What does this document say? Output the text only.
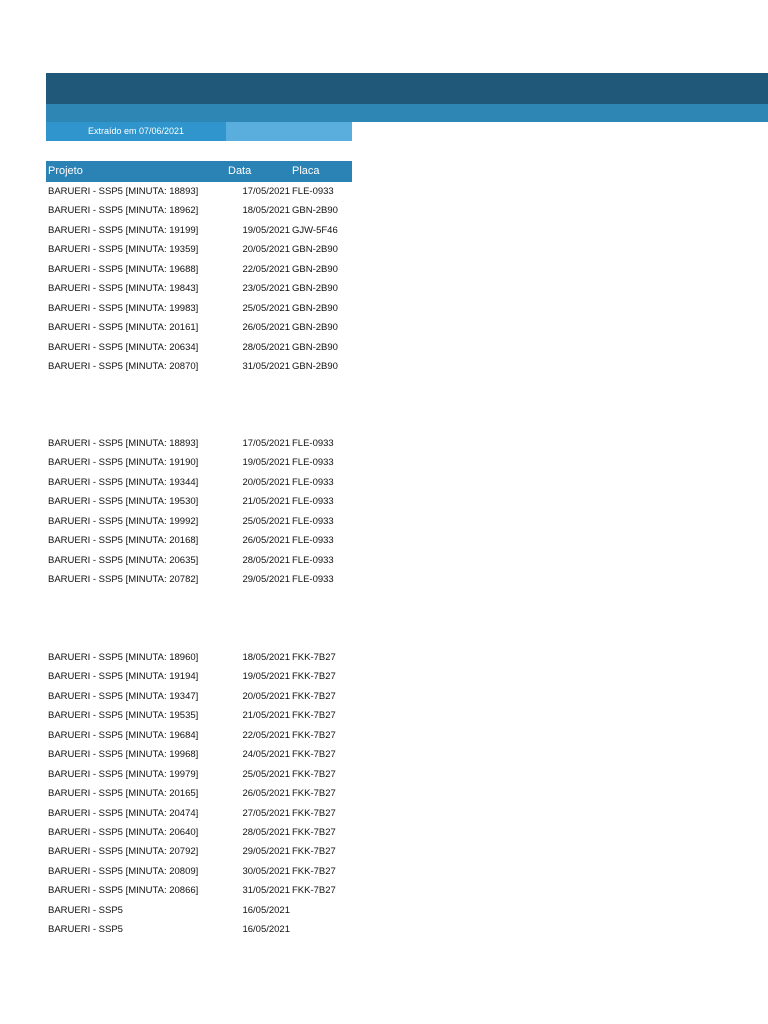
Extraído em 07/06/2021
Projeto	Data	Placa
BARUERI - SSP5 [MINUTA: 18893]	17/05/2021 FLE-0933
BARUERI - SSP5 [MINUTA: 18962]	18/05/2021 GBN-2B90
BARUERI - SSP5 [MINUTA: 19199]	19/05/2021 GJW-5F46
BARUERI - SSP5 [MINUTA: 19359]	20/05/2021 GBN-2B90
BARUERI - SSP5 [MINUTA: 19688]	22/05/2021 GBN-2B90
BARUERI - SSP5 [MINUTA: 19843]	23/05/2021 GBN-2B90
BARUERI - SSP5 [MINUTA: 19983]	25/05/2021 GBN-2B90
BARUERI - SSP5 [MINUTA: 20161]	26/05/2021 GBN-2B90
BARUERI - SSP5 [MINUTA: 20634]	28/05/2021 GBN-2B90
BARUERI - SSP5 [MINUTA: 20870]	31/05/2021 GBN-2B90
BARUERI - SSP5 [MINUTA: 18893]	17/05/2021 FLE-0933
BARUERI - SSP5 [MINUTA: 19190]	19/05/2021 FLE-0933
BARUERI - SSP5 [MINUTA: 19344]	20/05/2021 FLE-0933
BARUERI - SSP5 [MINUTA: 19530]	21/05/2021 FLE-0933
BARUERI - SSP5 [MINUTA: 19992]	25/05/2021 FLE-0933
BARUERI - SSP5 [MINUTA: 20168]	26/05/2021 FLE-0933
BARUERI - SSP5 [MINUTA: 20635]	28/05/2021 FLE-0933
BARUERI - SSP5 [MINUTA: 20782]	29/05/2021 FLE-0933
BARUERI - SSP5 [MINUTA: 18960]	18/05/2021 FKK-7B27
BARUERI - SSP5 [MINUTA: 19194]	19/05/2021 FKK-7B27
BARUERI - SSP5 [MINUTA: 19347]	20/05/2021 FKK-7B27
BARUERI - SSP5 [MINUTA: 19535]	21/05/2021 FKK-7B27
BARUERI - SSP5 [MINUTA: 19684]	22/05/2021 FKK-7B27
BARUERI - SSP5 [MINUTA: 19968]	24/05/2021 FKK-7B27
BARUERI - SSP5 [MINUTA: 19979]	25/05/2021 FKK-7B27
BARUERI - SSP5 [MINUTA: 20165]	26/05/2021 FKK-7B27
BARUERI - SSP5 [MINUTA: 20474]	27/05/2021 FKK-7B27
BARUERI - SSP5 [MINUTA: 20640]	28/05/2021 FKK-7B27
BARUERI - SSP5 [MINUTA: 20792]	29/05/2021 FKK-7B27
BARUERI - SSP5 [MINUTA: 20809]	30/05/2021 FKK-7B27
BARUERI - SSP5 [MINUTA: 20866]	31/05/2021 FKK-7B27
BARUERI - SSP5	16/05/2021
BARUERI - SSP5	16/05/2021
